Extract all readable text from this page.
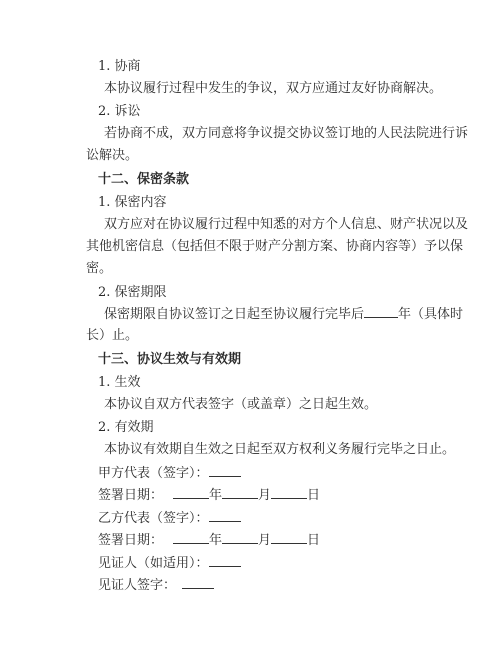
1. 协商
本协议履行过程中发生的争议，双方应通过友好协商解决。
2. 诉讼
若协商不成，双方同意将争议提交协议签订地的人民法院进行诉
讼解决。
十二、保密条款
1. 保密内容
双方应对在协议履行过程中知悉的对方个人信息、财产状况以及
其他机密信息（包括但不限于财产分割方案、协商内容等）予以保
密。
2. 保密期限
保密期限自协议签订之日起至协议履行完毕后	年（具体时
长）止。
十三、协议生效与有效期
1. 生效
本协议自双方代表签字（或盖章）之日起生效。
2. 有效期
本协议有效期自生效之日起至双方权利义务履行完毕之日止。
甲方代表（签字）：
签署日期：	年	月	日
乙方代表（签字）：
签署日期：	年	月	日
见证人（如适用）：
见证人签字：
